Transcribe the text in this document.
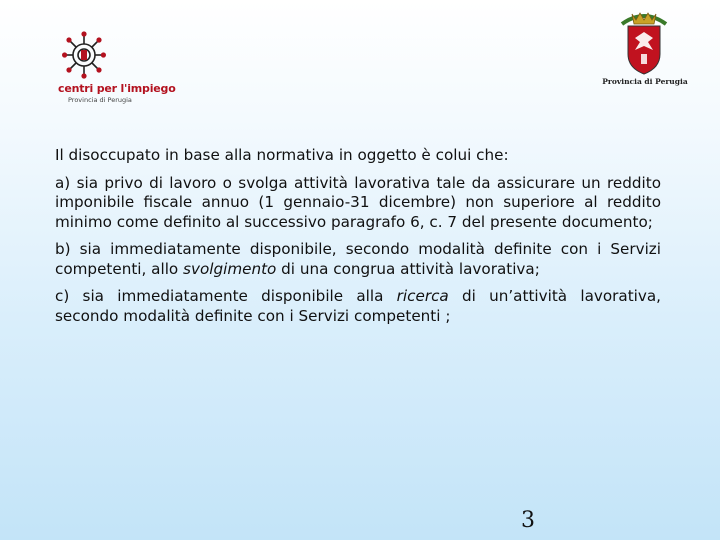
centri per l'impiego
Provincia di Perugia
Provincia di Perugia

Il disoccupato in base alla normativa in oggetto è colui che:

a) sia privo di lavoro o svolga attività lavorativa tale da assicurare un reddito imponibile fiscale annuo (1 gennaio-31 dicembre) non superiore al reddito minimo come definito al successivo paragrafo 6, c. 7 del presente documento;

b) sia immediatamente disponibile, secondo modalità definite con i Servizi competenti, allo svolgimento di una congrua attività lavorativa;

c) sia immediatamente disponibile alla ricerca di un’attività lavorativa, secondo modalità definite con i Servizi competenti ;

3
